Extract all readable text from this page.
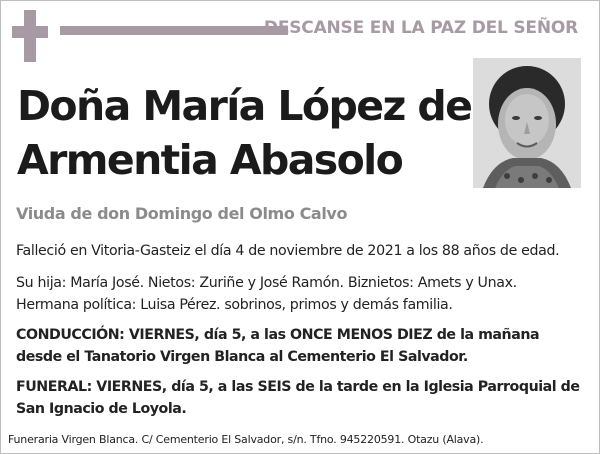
DESCANSE EN LA PAZ DEL SEÑOR
Doña María López de
Armentia Abasolo
Viuda de don Domingo del Olmo Calvo
Falleció en Vitoria-Gasteiz el día 4 de noviembre de 2021 a los 88 años de edad.
Su hija: María José. Nietos: Zuriñe y José Ramón. Biznietos: Amets y Unax.
Hermana política: Luisa Pérez. sobrinos, primos y demás familia.
CONDUCCIÓN: VIERNES, día 5, a las ONCE MENOS DIEZ de la mañana
desde el Tanatorio Virgen Blanca al Cementerio El Salvador.
FUNERAL: VIERNES, día 5, a las SEIS de la tarde en la Iglesia Parroquial de
San Ignacio de Loyola.
Funeraria Virgen Blanca. C/ Cementerio El Salvador, s/n. Tfno. 945220591. Otazu (Alava).
